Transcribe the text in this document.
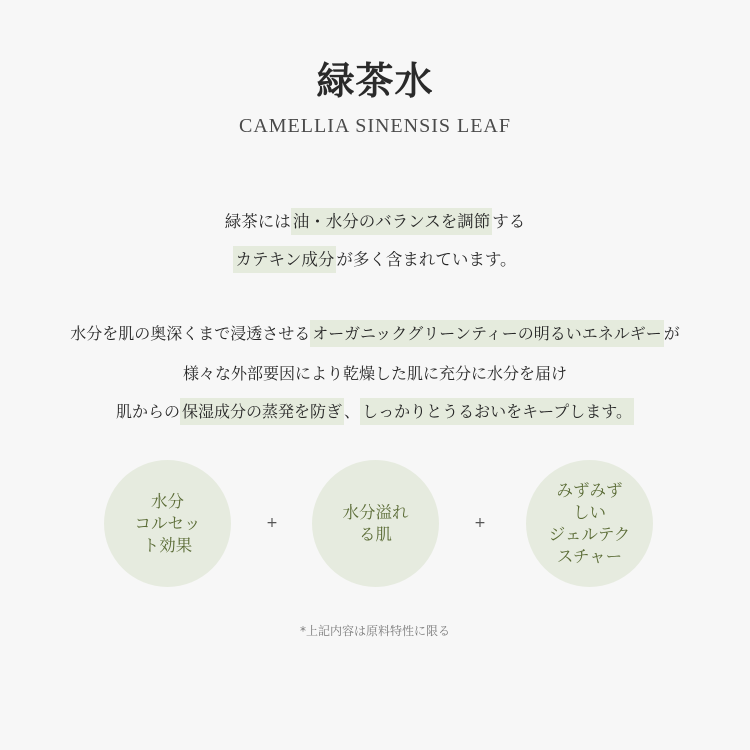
緑茶水
CAMELLIA SINENSIS LEAF
緑茶には 油・水分のバランスを調節 する
カテキン成分 が多く含まれています。
水分を肌の奥深くまで浸透させる オーガニックグリーンティーの明るいエネルギー が
様々な外部要因により乾燥した肌に充分に水分を届け
肌からの 保湿成分の蒸発を防ぎ 、 しっかりとうるおいをキープします。
水分
コルセッ
ト効果
+
水分溢れ
る肌
+
みずみず
しい
ジェルテク
スチャー
*上記内容は原料特性に限る
